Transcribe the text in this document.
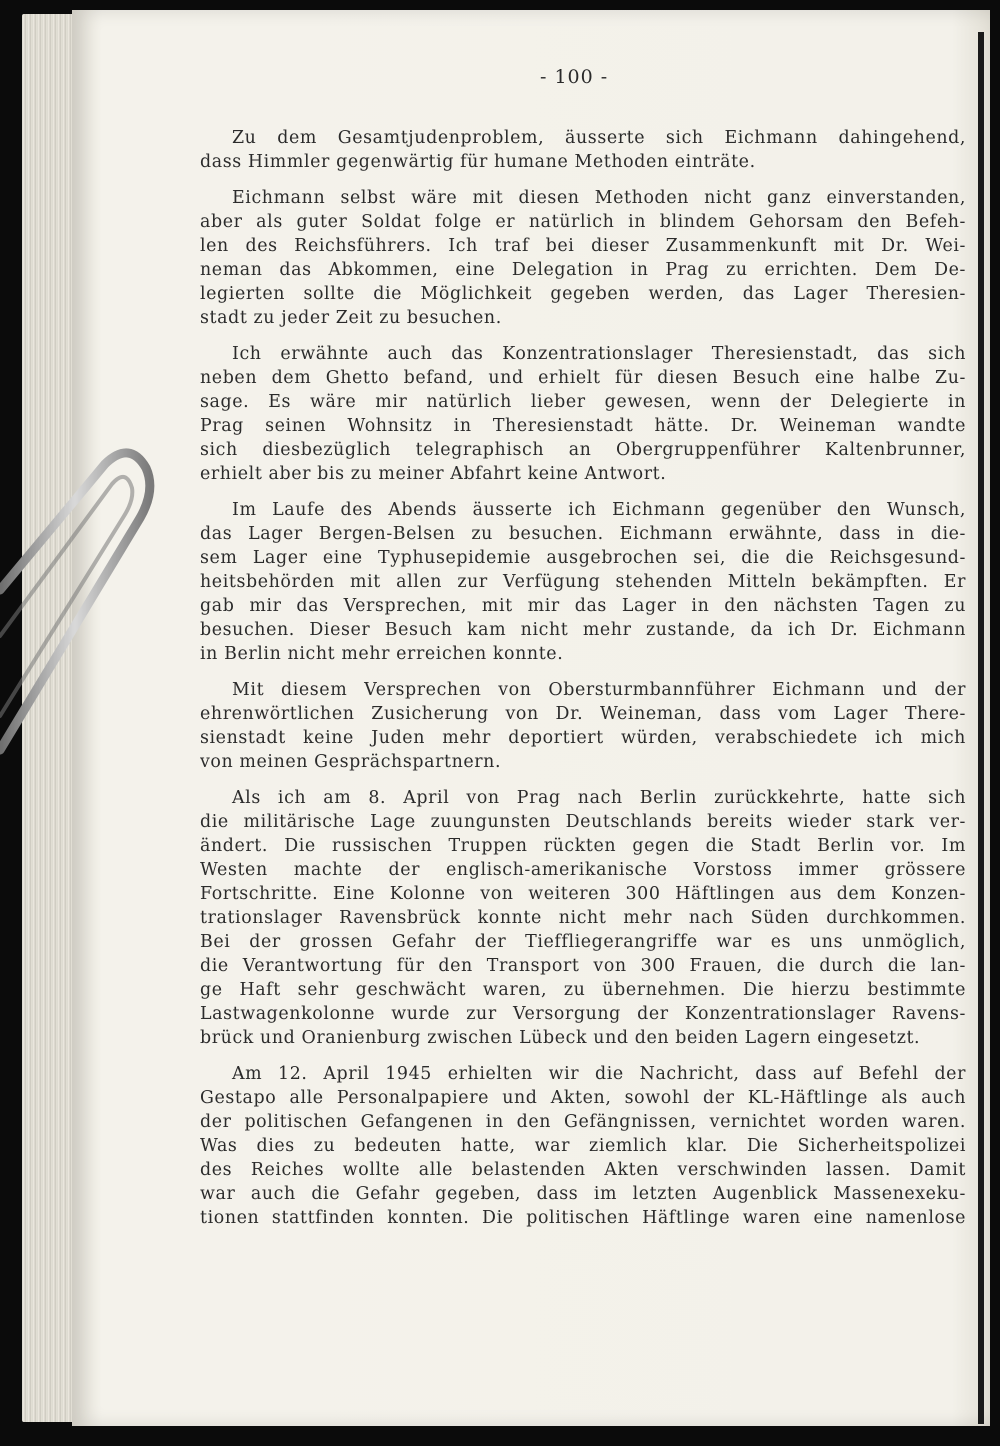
- 100 -
Zu dem Gesamtjudenproblem, äusserte sich Eichmann dahingehend,
dass Himmler gegenwärtig für humane Methoden einträte.
Eichmann selbst wäre mit diesen Methoden nicht ganz einverstanden,
aber als guter Soldat folge er natürlich in blindem Gehorsam den Befeh-
len des Reichsführers. Ich traf bei dieser Zusammenkunft mit Dr. Wei-
neman das Abkommen, eine Delegation in Prag zu errichten. Dem De-
legierten sollte die Möglichkeit gegeben werden, das Lager Theresien-
stadt zu jeder Zeit zu besuchen.
Ich erwähnte auch das Konzentrationslager Theresienstadt, das sich
neben dem Ghetto befand, und erhielt für diesen Besuch eine halbe Zu-
sage. Es wäre mir natürlich lieber gewesen, wenn der Delegierte in
Prag seinen Wohnsitz in Theresienstadt hätte. Dr. Weineman wandte
sich diesbezüglich telegraphisch an Obergruppenführer Kaltenbrunner,
erhielt aber bis zu meiner Abfahrt keine Antwort.
Im Laufe des Abends äusserte ich Eichmann gegenüber den Wunsch,
das Lager Bergen-Belsen zu besuchen. Eichmann erwähnte, dass in die-
sem Lager eine Typhusepidemie ausgebrochen sei, die die Reichsgesund-
heitsbehörden mit allen zur Verfügung stehenden Mitteln bekämpften. Er
gab mir das Versprechen, mit mir das Lager in den nächsten Tagen zu
besuchen. Dieser Besuch kam nicht mehr zustande, da ich Dr. Eichmann
in Berlin nicht mehr erreichen konnte.
Mit diesem Versprechen von Obersturmbannführer Eichmann und der
ehrenwörtlichen Zusicherung von Dr. Weineman, dass vom Lager There-
sienstadt keine Juden mehr deportiert würden, verabschiedete ich mich
von meinen Gesprächspartnern.
Als ich am 8. April von Prag nach Berlin zurückkehrte, hatte sich
die militärische Lage zuungunsten Deutschlands bereits wieder stark ver-
ändert. Die russischen Truppen rückten gegen die Stadt Berlin vor. Im
Westen machte der englisch-amerikanische Vorstoss immer grössere
Fortschritte. Eine Kolonne von weiteren 300 Häftlingen aus dem Konzen-
trationslager Ravensbrück konnte nicht mehr nach Süden durchkommen.
Bei der grossen Gefahr der Tieffliegerangriffe war es uns unmöglich,
die Verantwortung für den Transport von 300 Frauen, die durch die lan-
ge Haft sehr geschwächt waren, zu übernehmen. Die hierzu bestimmte
Lastwagenkolonne wurde zur Versorgung der Konzentrationslager Ravens-
brück und Oranienburg zwischen Lübeck und den beiden Lagern eingesetzt.
Am 12. April 1945 erhielten wir die Nachricht, dass auf Befehl der
Gestapo alle Personalpapiere und Akten, sowohl der KL-Häftlinge als auch
der politischen Gefangenen in den Gefängnissen, vernichtet worden waren.
Was dies zu bedeuten hatte, war ziemlich klar. Die Sicherheitspolizei
des Reiches wollte alle belastenden Akten verschwinden lassen. Damit
war auch die Gefahr gegeben, dass im letzten Augenblick Massenexeku-
tionen stattfinden konnten. Die politischen Häftlinge waren eine namenlose
